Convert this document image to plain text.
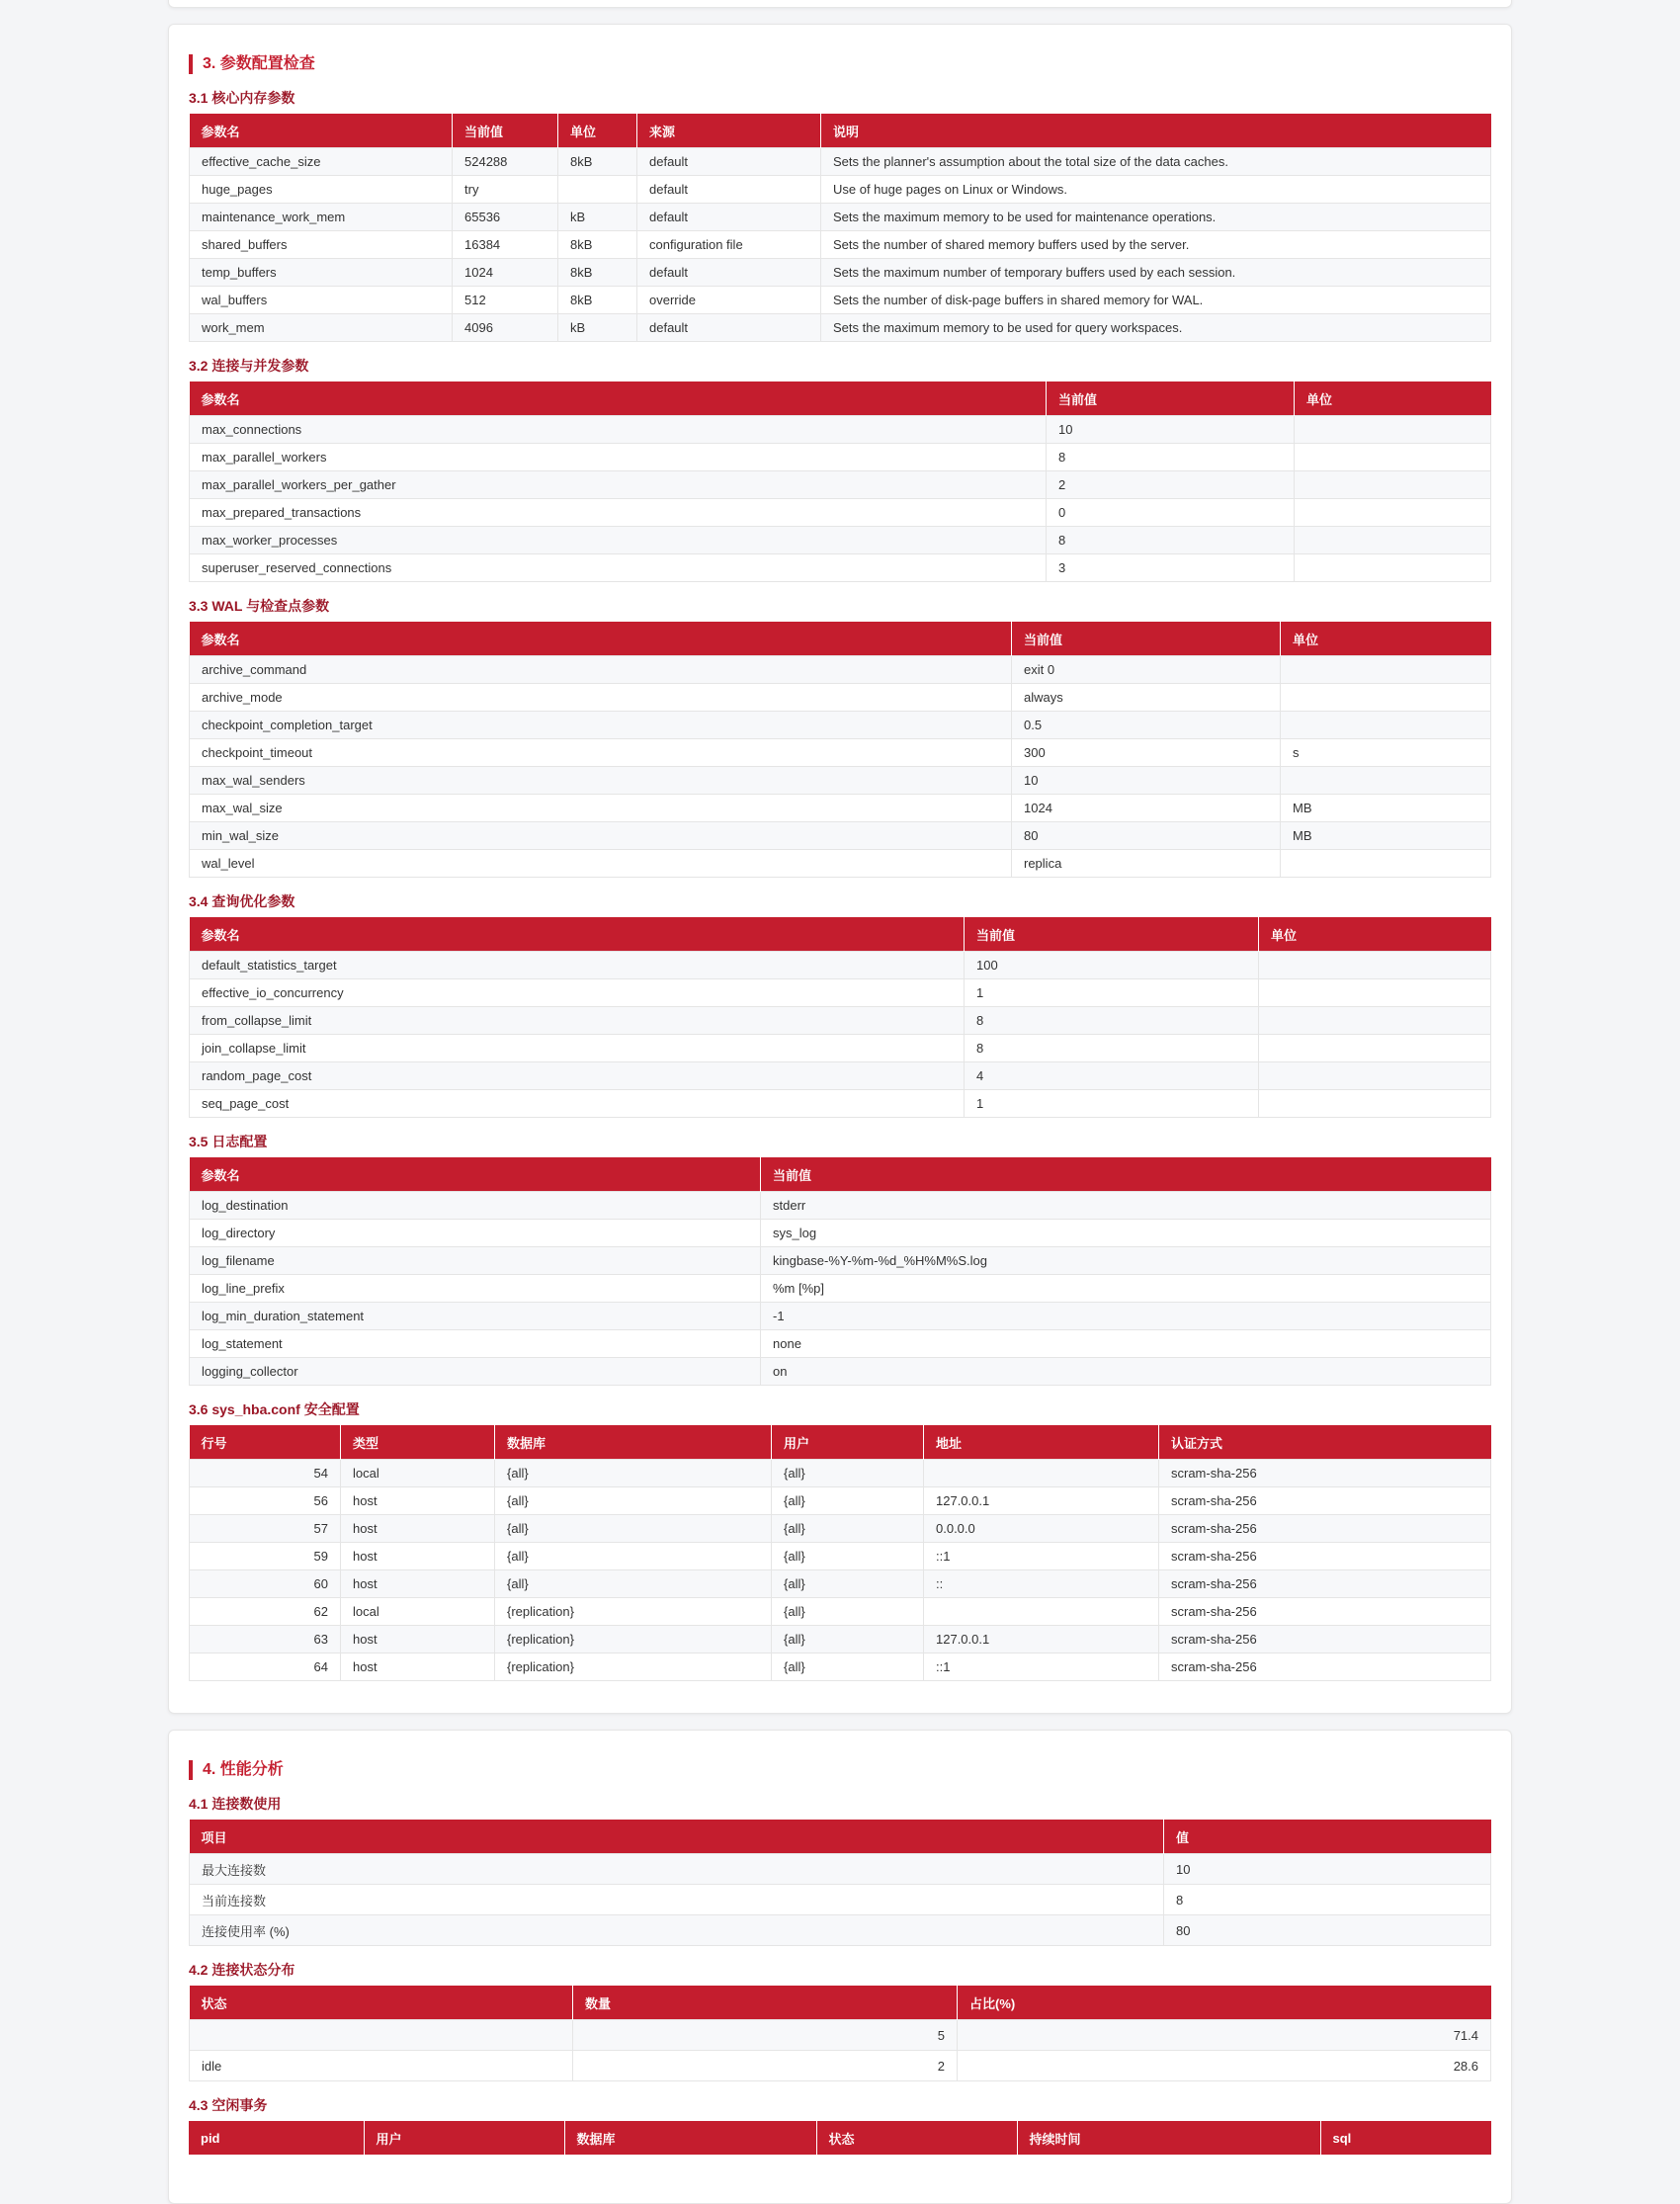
3. 参数配置检查
3.1 核心内存参数
参数名	当前值	单位	来源	说明
effective_cache_size	524288	8kB	default	Sets the planner's assumption about the total size of the data caches.
huge_pages	try		default	Use of huge pages on Linux or Windows.
maintenance_work_mem	65536	kB	default	Sets the maximum memory to be used for maintenance operations.
shared_buffers	16384	8kB	configuration file	Sets the number of shared memory buffers used by the server.
temp_buffers	1024	8kB	default	Sets the maximum number of temporary buffers used by each session.
wal_buffers	512	8kB	override	Sets the number of disk-page buffers in shared memory for WAL.
work_mem	4096	kB	default	Sets the maximum memory to be used for query workspaces.
3.2 连接与并发参数
参数名	当前值	单位
max_connections	10	
max_parallel_workers	8	
max_parallel_workers_per_gather	2	
max_prepared_transactions	0	
max_worker_processes	8	
superuser_reserved_connections	3	
3.3 WAL 与检查点参数
参数名	当前值	单位
archive_command	exit 0	
archive_mode	always	
checkpoint_completion_target	0.5	
checkpoint_timeout	300	s
max_wal_senders	10	
max_wal_size	1024	MB
min_wal_size	80	MB
wal_level	replica	
3.4 查询优化参数
参数名	当前值	单位
default_statistics_target	100	
effective_io_concurrency	1	
from_collapse_limit	8	
join_collapse_limit	8	
random_page_cost	4	
seq_page_cost	1	
3.5 日志配置
参数名	当前值
log_destination	stderr
log_directory	sys_log
log_filename	kingbase-%Y-%m-%d_%H%M%S.log
log_line_prefix	%m [%p]
log_min_duration_statement	-1
log_statement	none
logging_collector	on
3.6 sys_hba.conf 安全配置
行号	类型	数据库	用户	地址	认证方式
54	local	{all}	{all}		scram-sha-256
56	host	{all}	{all}	127.0.0.1	scram-sha-256
57	host	{all}	{all}	0.0.0.0	scram-sha-256
59	host	{all}	{all}	::1	scram-sha-256
60	host	{all}	{all}	::	scram-sha-256
62	local	{replication}	{all}		scram-sha-256
63	host	{replication}	{all}	127.0.0.1	scram-sha-256
64	host	{replication}	{all}	::1	scram-sha-256
4. 性能分析
4.1 连接数使用
项目	值
最大连接数	10
当前连接数	8
连接使用率 (%)	80
4.2 连接状态分布
状态	数量	占比(%)
	5	71.4
idle	2	28.6
4.3 空闲事务
pid	用户	数据库	状态	持续时间	sql
